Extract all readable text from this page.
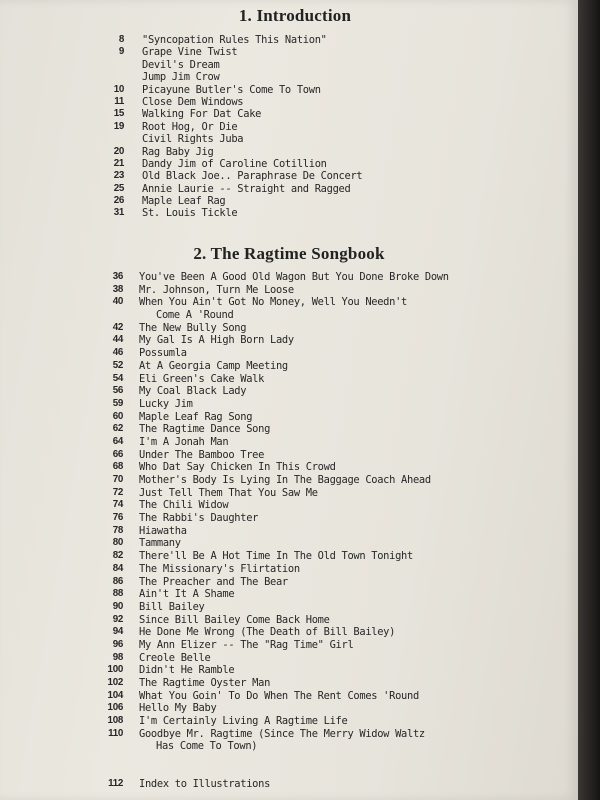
1. Introduction
8 "Syncopation Rules This Nation"
9 Grape Vine Twist
Devil's Dream
Jump Jim Crow
10 Picayune Butler's Come To Town
11 Close Dem Windows
15 Walking For Dat Cake
19 Root Hog, Or Die
Civil Rights Juba
20 Rag Baby Jig
21 Dandy Jim of Caroline Cotillion
23 Old Black Joe.. Paraphrase De Concert
25 Annie Laurie -- Straight and Ragged
26 Maple Leaf Rag
31 St. Louis Tickle
2. The Ragtime Songbook
36 You've Been A Good Old Wagon But You Done Broke Down
38 Mr. Johnson, Turn Me Loose
40 When You Ain't Got No Money, Well You Needn't
Come A 'Round
42 The New Bully Song
44 My Gal Is A High Born Lady
46 Possumla
52 At A Georgia Camp Meeting
54 Eli Green's Cake Walk
56 My Coal Black Lady
59 Lucky Jim
60 Maple Leaf Rag Song
62 The Ragtime Dance Song
64 I'm A Jonah Man
66 Under The Bamboo Tree
68 Who Dat Say Chicken In This Crowd
70 Mother's Body Is Lying In The Baggage Coach Ahead
72 Just Tell Them That You Saw Me
74 The Chili Widow
76 The Rabbi's Daughter
78 Hiawatha
80 Tammany
82 There'll Be A Hot Time In The Old Town Tonight
84 The Missionary's Flirtation
86 The Preacher and The Bear
88 Ain't It A Shame
90 Bill Bailey
92 Since Bill Bailey Come Back Home
94 He Done Me Wrong (The Death of Bill Bailey)
96 My Ann Elizer -- The "Rag Time" Girl
98 Creole Belle
100 Didn't He Ramble
102 The Ragtime Oyster Man
104 What You Goin' To Do When The Rent Comes 'Round
106 Hello My Baby
108 I'm Certainly Living A Ragtime Life
110 Goodbye Mr. Ragtime (Since The Merry Widow Waltz
Has Come To Town)
112 Index to Illustrations
